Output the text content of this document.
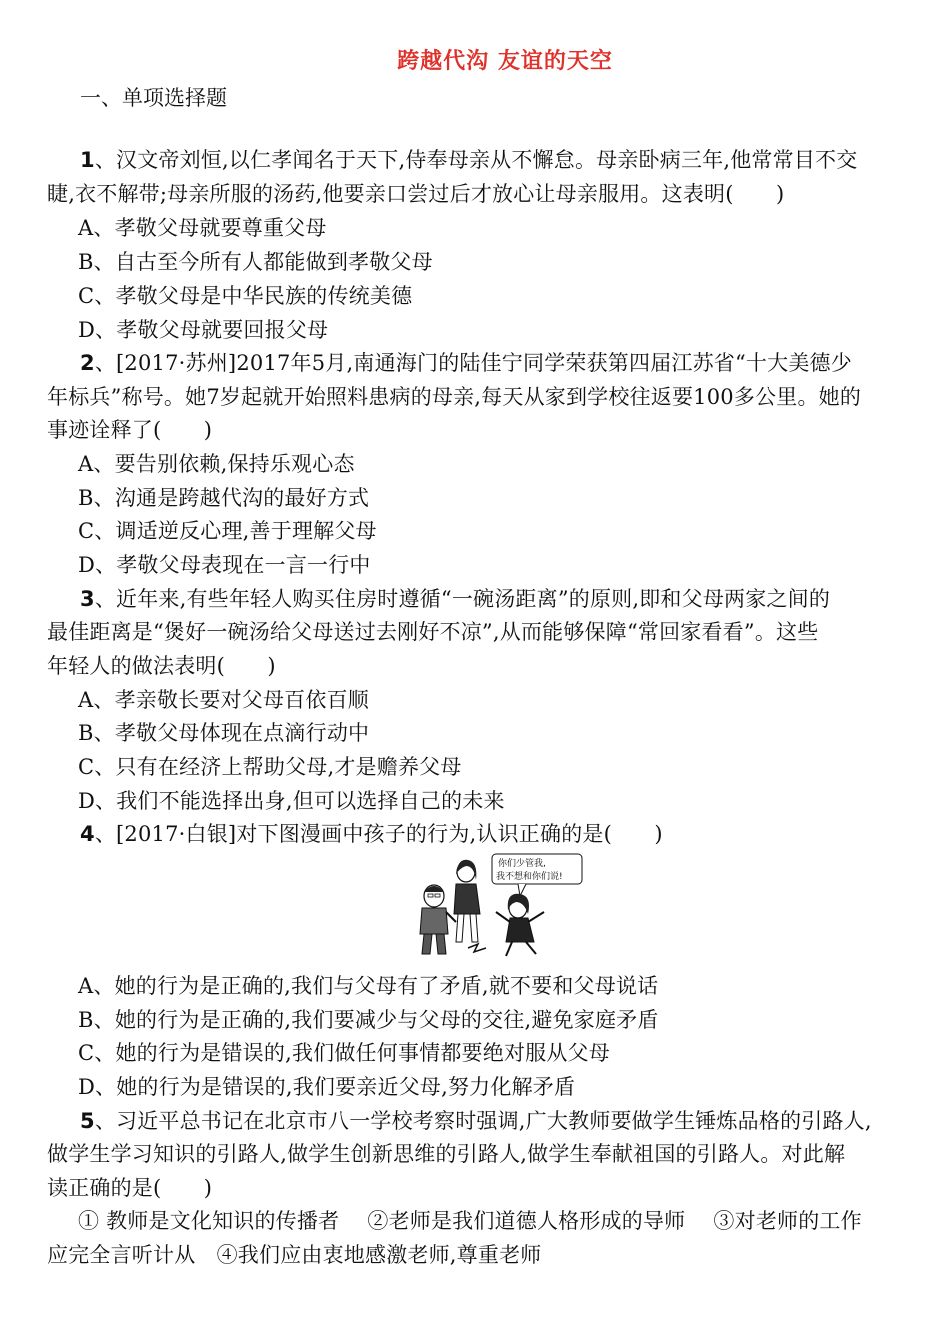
跨越代沟 友谊的天空
一、单项选择题
1、汉文帝刘恒,以仁孝闻名于天下,侍奉母亲从不懈怠。母亲卧病三年,他常常目不交
睫,衣不解带;母亲所服的汤药,他要亲口尝过后才放心让母亲服用。这表明(　　)
A、孝敬父母就要尊重父母
B、自古至今所有人都能做到孝敬父母
C、孝敬父母是中华民族的传统美德
D、孝敬父母就要回报父母
2、[2017·苏州]2017年5月,南通海门的陆佳宁同学荣获第四届江苏省“十大美德少
年标兵”称号。她7岁起就开始照料患病的母亲,每天从家到学校往返要100多公里。她的
事迹诠释了(　　)
A、要告别依赖,保持乐观心态
B、沟通是跨越代沟的最好方式
C、调适逆反心理,善于理解父母
D、孝敬父母表现在一言一行中
3、近年来,有些年轻人购买住房时遵循“一碗汤距离”的原则,即和父母两家之间的
最佳距离是“煲好一碗汤给父母送过去刚好不凉”,从而能够保障“常回家看看”。这些
年轻人的做法表明(　　)
A、孝亲敬长要对父母百依百顺
B、孝敬父母体现在点滴行动中
C、只有在经济上帮助父母,才是赡养父母
D、我们不能选择出身,但可以选择自己的未来
4、[2017·白银]对下图漫画中孩子的行为,认识正确的是(　　)
你们少管我,
我不想和你们说!
A、她的行为是正确的,我们与父母有了矛盾,就不要和父母说话
B、她的行为是正确的,我们要减少与父母的交往,避免家庭矛盾
C、她的行为是错误的,我们做任何事情都要绝对服从父母
D、她的行为是错误的,我们要亲近父母,努力化解矛盾
5、习近平总书记在北京市八一学校考察时强调,广大教师要做学生锤炼品格的引路人,
做学生学习知识的引路人,做学生创新思维的引路人,做学生奉献祖国的引路人。对此解
读正确的是(　　)
① 教师是文化知识的传播者　 ②老师是我们道德人格形成的导师　 ③对老师的工作
应完全言听计从　④我们应由衷地感激老师,尊重老师
